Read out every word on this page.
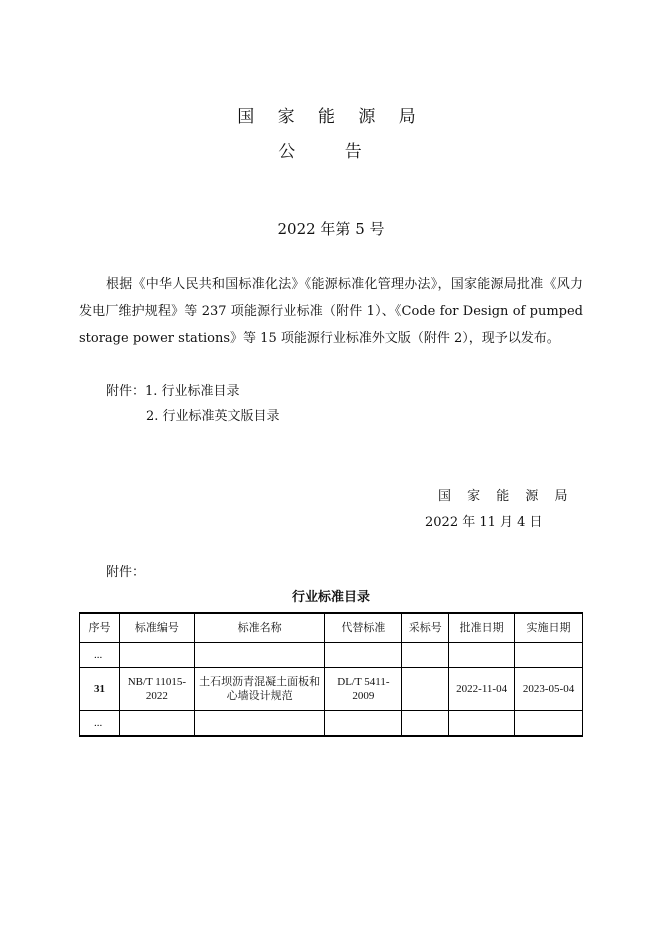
国 家 能 源 局
公 告
2022 年第 5 号
根据《中华人民共和国标准化法》《能源标准化管理办法》，国家能源局批准《风力发电厂维护规程》等 237 项能源行业标准（附件 1）、《Code for Design of pumped storage power stations》等 15 项能源行业标准外文版（附件 2），现予以发布。
附件：1. 行业标准目录
2. 行业标准英文版目录
国 家 能 源 局
2022 年 11 月 4 日
附件：
行业标准目录
序号	标准编号	标准名称	代替标准	采标号	批准日期	实施日期
...						
31	NB/T 11015-2022	土石坝沥青混凝土面板和心墙设计规范	DL/T 5411-2009		2022-11-04	2023-05-04
...						
